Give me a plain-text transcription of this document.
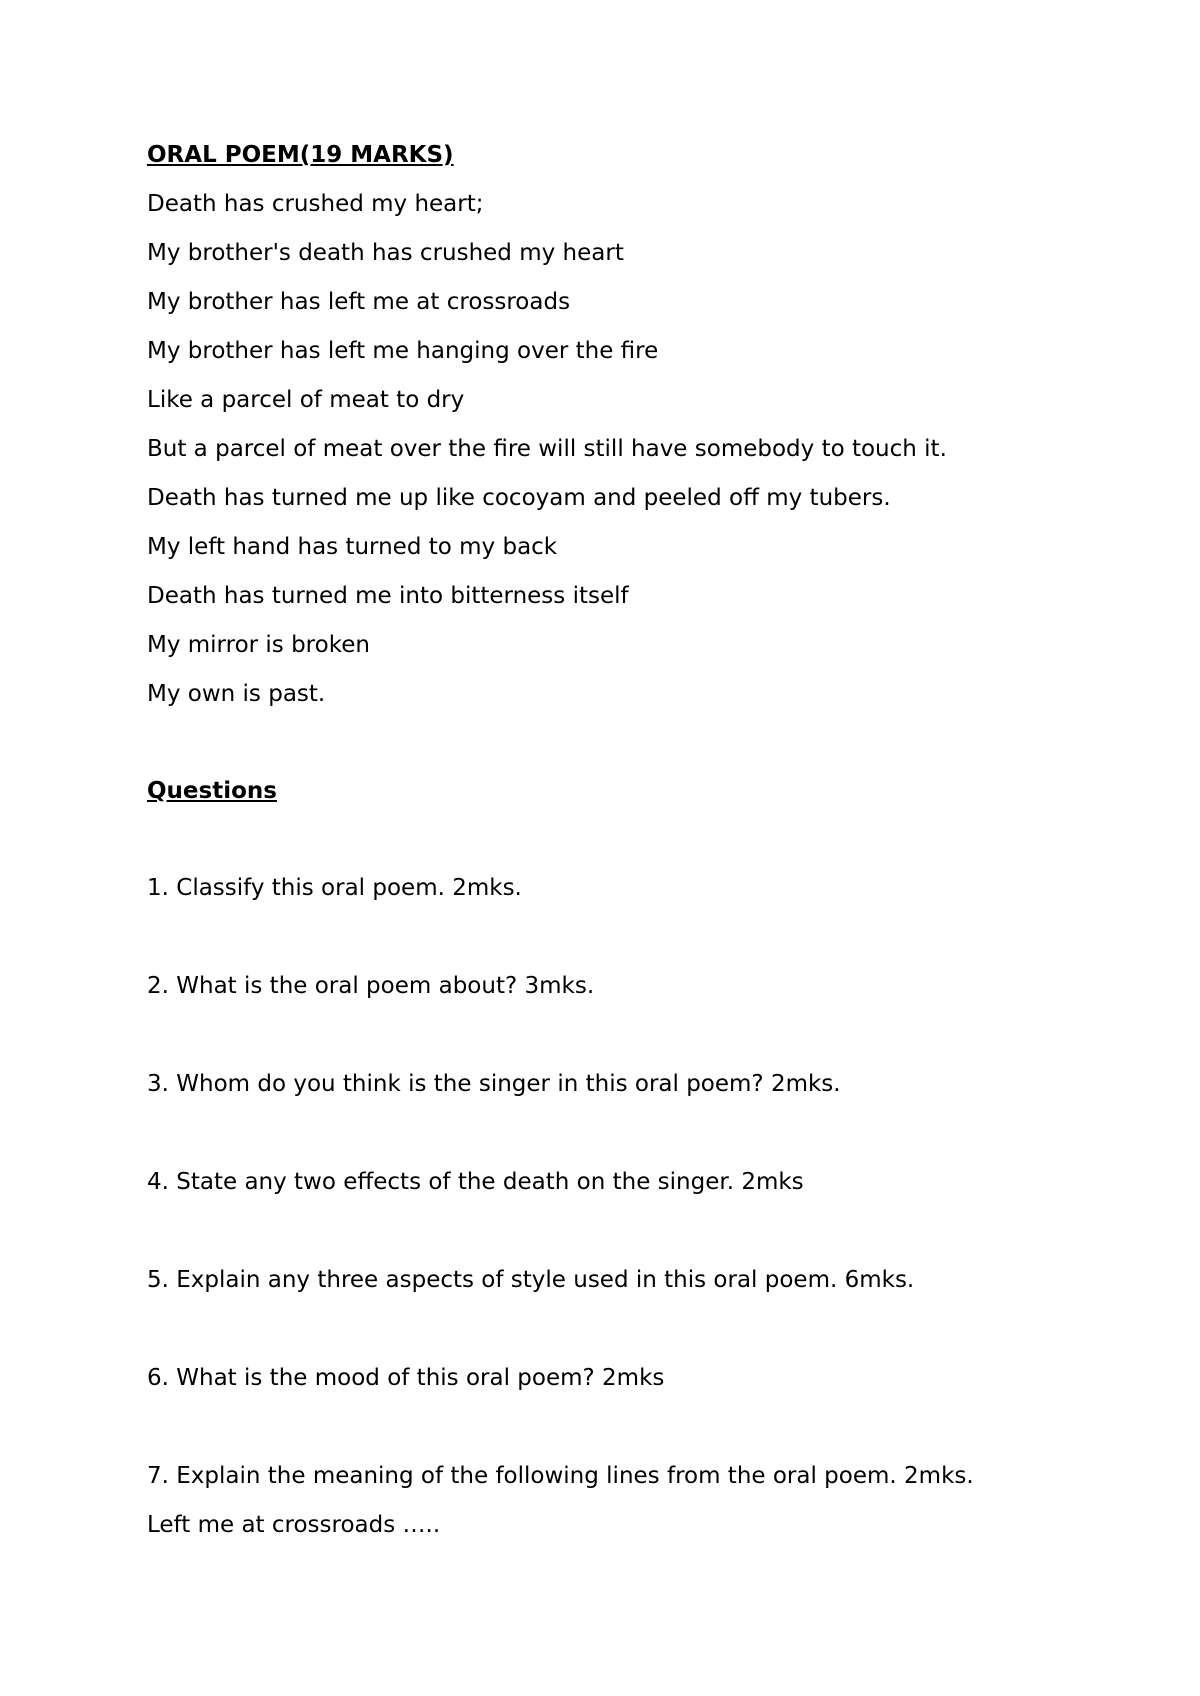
ORAL POEM(19 MARKS)
Death has crushed my heart;
My brother's death has crushed my heart
My brother has left me at crossroads
My brother has left me hanging over the fire
Like a parcel of meat to dry
But a parcel of meat over the fire will still have somebody to touch it.
Death has turned me up like cocoyam and peeled off my tubers.
My left hand has turned to my back
Death has turned me into bitterness itself
My mirror is broken
My own is past.
Questions
1. Classify this oral poem. 2mks.
2. What is the oral poem about? 3mks.
3. Whom do you think is the singer in this oral poem? 2mks.
4. State any two effects of the death on the singer. 2mks
5. Explain any three aspects of style used in this oral poem. 6mks.
6. What is the mood of this oral poem? 2mks
7. Explain the meaning of the following lines from the oral poem. 2mks.
Left me at crossroads …..
